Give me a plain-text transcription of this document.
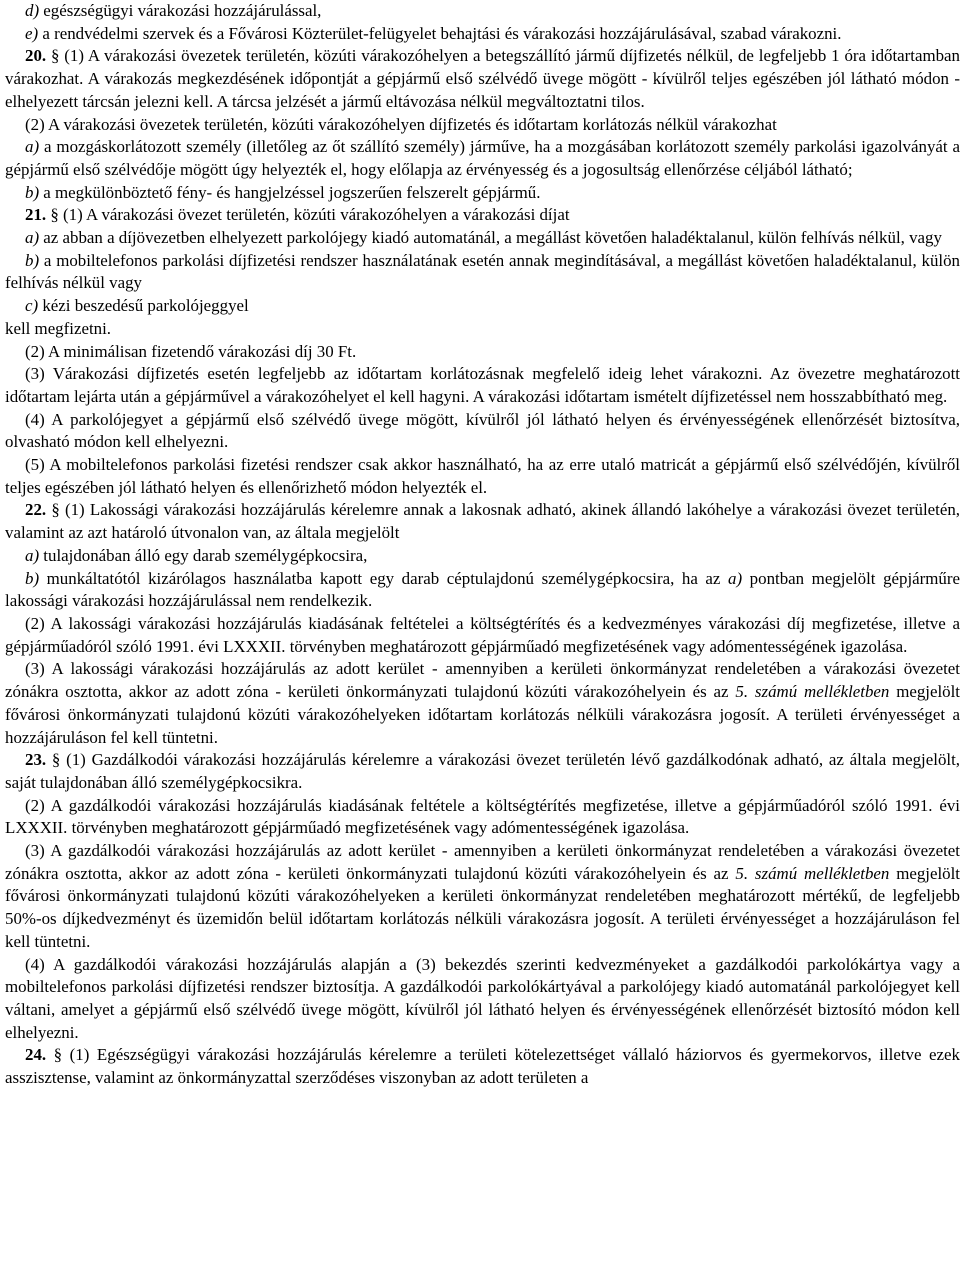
d) egészségügyi várakozási hozzájárulással,

e) a rendvédelmi szervek és a Fővárosi Közterület-felügyelet behajtási és várakozási hozzájárulásával, szabad várakozni.

20. § (1) A várakozási övezetek területén, közúti várakozóhelyen a betegszállító jármű díjfizetés nélkül, de legfeljebb 1 óra időtartamban várakozhat. A várakozás megkezdésének időpontját a gépjármű első szélvédő üvege mögött - kívülről teljes egészében jól látható módon - elhelyezett tárcsán jelezni kell. A tárcsa jelzését a jármű eltávozása nélkül megváltoztatni tilos.

(2) A várakozási övezetek területén, közúti várakozóhelyen díjfizetés és időtartam korlátozás nélkül várakozhat

a) a mozgáskorlátozott személy (illetőleg az őt szállító személy) járműve, ha a mozgásában korlátozott személy parkolási igazolványát a gépjármű első szélvédője mögött úgy helyezték el, hogy előlapja az érvényesség és a jogosultság ellenőrzése céljából látható;

b) a megkülönböztető fény- és hangjelzéssel jogszerűen felszerelt gépjármű.

21. § (1) A várakozási övezet területén, közúti várakozóhelyen a várakozási díjat

a) az abban a díjövezetben elhelyezett parkolójegy kiadó automatánál, a megállást követően haladéktalanul, külön felhívás nélkül, vagy

b) a mobiltelefonos parkolási díjfizetési rendszer használatának esetén annak megindításával, a megállást követően haladéktalanul, külön felhívás nélkül vagy

c) kézi beszedésű parkolójeggyel

kell megfizetni.

(2) A minimálisan fizetendő várakozási díj 30 Ft.

(3) Várakozási díjfizetés esetén legfeljebb az időtartam korlátozásnak megfelelő ideig lehet várakozni. Az övezetre meghatározott időtartam lejárta után a gépjárművel a várakozóhelyet el kell hagyni. A várakozási időtartam ismételt díjfizetéssel nem hosszabbítható meg.

(4) A parkolójegyet a gépjármű első szélvédő üvege mögött, kívülről jól látható helyen és érvényességének ellenőrzését biztosítva, olvasható módon kell elhelyezni.

(5) A mobiltelefonos parkolási fizetési rendszer csak akkor használható, ha az erre utaló matricát a gépjármű első szélvédőjén, kívülről teljes egészében jól látható helyen és ellenőrizhető módon helyezték el.

22. § (1) Lakossági várakozási hozzájárulás kérelemre annak a lakosnak adható, akinek állandó lakóhelye a várakozási övezet területén, valamint az azt határoló útvonalon van, az általa megjelölt

a) tulajdonában álló egy darab személygépkocsira,

b) munkáltatótól kizárólagos használatba kapott egy darab céptulajdonú személygépkocsira, ha az a) pontban megjelölt gépjárműre lakossági várakozási hozzájárulással nem rendelkezik.

(2) A lakossági várakozási hozzájárulás kiadásának feltételei a költségtérítés és a kedvezményes várakozási díj megfizetése, illetve a gépjárműadóról szóló 1991. évi LXXXII. törvényben meghatározott gépjárműadó megfizetésének vagy adómentességének igazolása.

(3) A lakossági várakozási hozzájárulás az adott kerület - amennyiben a kerületi önkormányzat rendeletében a várakozási övezetet zónákra osztotta, akkor az adott zóna - kerületi önkormányzati tulajdonú közúti várakozóhelyein és az 5. számú mellékletben megjelölt fővárosi önkormányzati tulajdonú közúti várakozóhelyeken időtartam korlátozás nélküli várakozásra jogosít. A területi érvényességet a hozzájáruláson fel kell tüntetni.

23. § (1) Gazdálkodói várakozási hozzájárulás kérelemre a várakozási övezet területén lévő gazdálkodónak adható, az általa megjelölt, saját tulajdonában álló személygépkocsikra.

(2) A gazdálkodói várakozási hozzájárulás kiadásának feltétele a költségtérítés megfizetése, illetve a gépjárműadóról szóló 1991. évi LXXXII. törvényben meghatározott gépjárműadó megfizetésének vagy adómentességének igazolása.

(3) A gazdálkodói várakozási hozzájárulás az adott kerület - amennyiben a kerületi önkormányzat rendeletében a várakozási övezetet zónákra osztotta, akkor az adott zóna - kerületi önkormányzati tulajdonú közúti várakozóhelyein és az 5. számú mellékletben megjelölt fővárosi önkormányzati tulajdonú közúti várakozóhelyeken a kerületi önkormányzat rendeletében meghatározott mértékű, de legfeljebb 50%-os díjkedvezményt és üzemidőn belül időtartam korlátozás nélküli várakozásra jogosít. A területi érvényességet a hozzájáruláson fel kell tüntetni.

(4) A gazdálkodói várakozási hozzájárulás alapján a (3) bekezdés szerinti kedvezményeket a gazdálkodói parkolókártya vagy a mobiltelefonos parkolási díjfizetési rendszer biztosítja. A gazdálkodói parkolókártyával a parkolójegy kiadó automatánál parkolójegyet kell váltani, amelyet a gépjármű első szélvédő üvege mögött, kívülről jól látható helyen és érvényességének ellenőrzését biztosító módon kell elhelyezni.

24. § (1) Egészségügyi várakozási hozzájárulás kérelemre a területi kötelezettséget vállaló háziorvos és gyermekorvos, illetve ezek asszisztense, valamint az önkormányzattal szerződéses viszonyban az adott területen a
